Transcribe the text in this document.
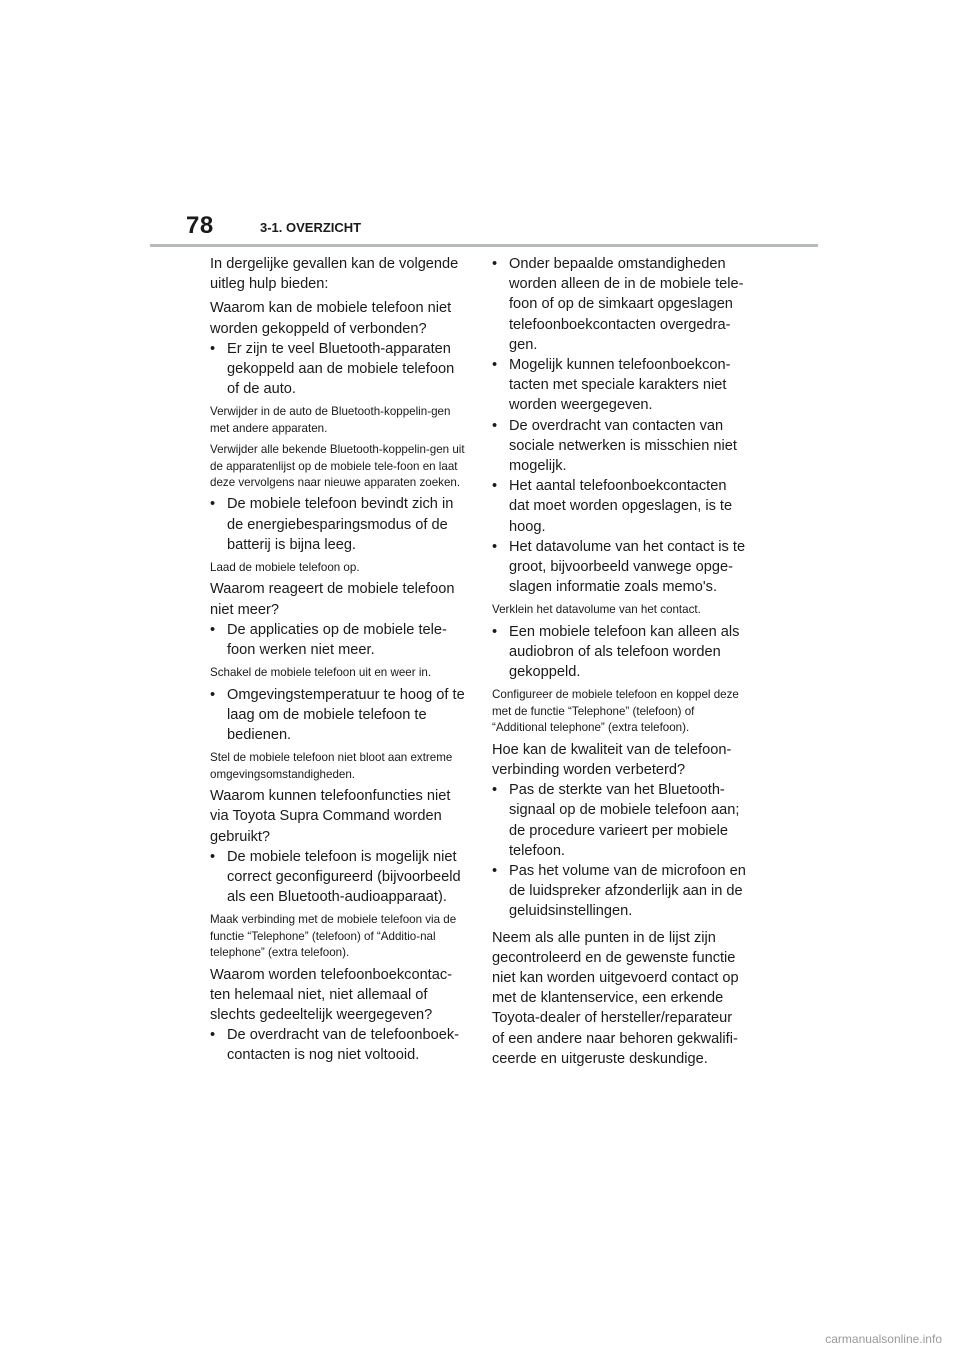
78	3-1. OVERZICHT

In dergelijke gevallen kan de volgende uitleg hulp bieden:

Waarom kan de mobiele telefoon niet worden gekoppeld of verbonden?

• Er zijn te veel Bluetooth-apparaten gekoppeld aan de mobiele telefoon of de auto.

Verwijder in de auto de Bluetooth-koppelin-gen met andere apparaten.

Verwijder alle bekende Bluetooth-koppelin-gen uit de apparatenlijst op de mobiele tele-foon en laat deze vervolgens naar nieuwe apparaten zoeken.

• De mobiele telefoon bevindt zich in de energiebesparingsmodus of de batterij is bijna leeg.

Laad de mobiele telefoon op.

Waarom reageert de mobiele telefoon niet meer?

• De applicaties op de mobiele tele-foon werken niet meer.

Schakel de mobiele telefoon uit en weer in.

• Omgevingstemperatuur te hoog of te laag om de mobiele telefoon te bedienen.

Stel de mobiele telefoon niet bloot aan extreme omgevingsomstandigheden.

Waarom kunnen telefoonfuncties niet via Toyota Supra Command worden gebruikt?

• De mobiele telefoon is mogelijk niet correct geconfigureerd (bijvoorbeeld als een Bluetooth-audioapparaat).

Maak verbinding met de mobiele telefoon via de functie “Telephone” (telefoon) of “Additio-nal telephone” (extra telefoon).

Waarom worden telefoonboekcontac-ten helemaal niet, niet allemaal of slechts gedeeltelijk weergegeven?

• De overdracht van de telefoonboek-contacten is nog niet voltooid.
• Onder bepaalde omstandigheden worden alleen de in de mobiele tele-foon of op de simkaart opgeslagen telefoonboekcontacten overgedra-gen.
• Mogelijk kunnen telefoonboekcon-tacten met speciale karakters niet worden weergegeven.
• De overdracht van contacten van sociale netwerken is misschien niet mogelijk.
• Het aantal telefoonboekcontacten dat moet worden opgeslagen, is te hoog.
• Het datavolume van het contact is te groot, bijvoorbeeld vanwege opge-slagen informatie zoals memo's.

Verklein het datavolume van het contact.

• Een mobiele telefoon kan alleen als audiobron of als telefoon worden gekoppeld.

Configureer de mobiele telefoon en koppel deze met de functie “Telephone” (telefoon) of “Additional telephone” (extra telefoon).

Hoe kan de kwaliteit van de telefoon-verbinding worden verbeterd?

• Pas de sterkte van het Bluetooth-signaal op de mobiele telefoon aan; de procedure varieert per mobiele telefoon.
• Pas het volume van de microfoon en de luidspreker afzonderlijk aan in de geluidsinstellingen.

Neem als alle punten in de lijst zijn gecontroleerd en de gewenste functie niet kan worden uitgevoerd contact op met de klantenservice, een erkende Toyota-dealer of hersteller/reparateur of een andere naar behoren gekwalifi-ceerde en uitgeruste deskundige.

carmanualsonline.info
